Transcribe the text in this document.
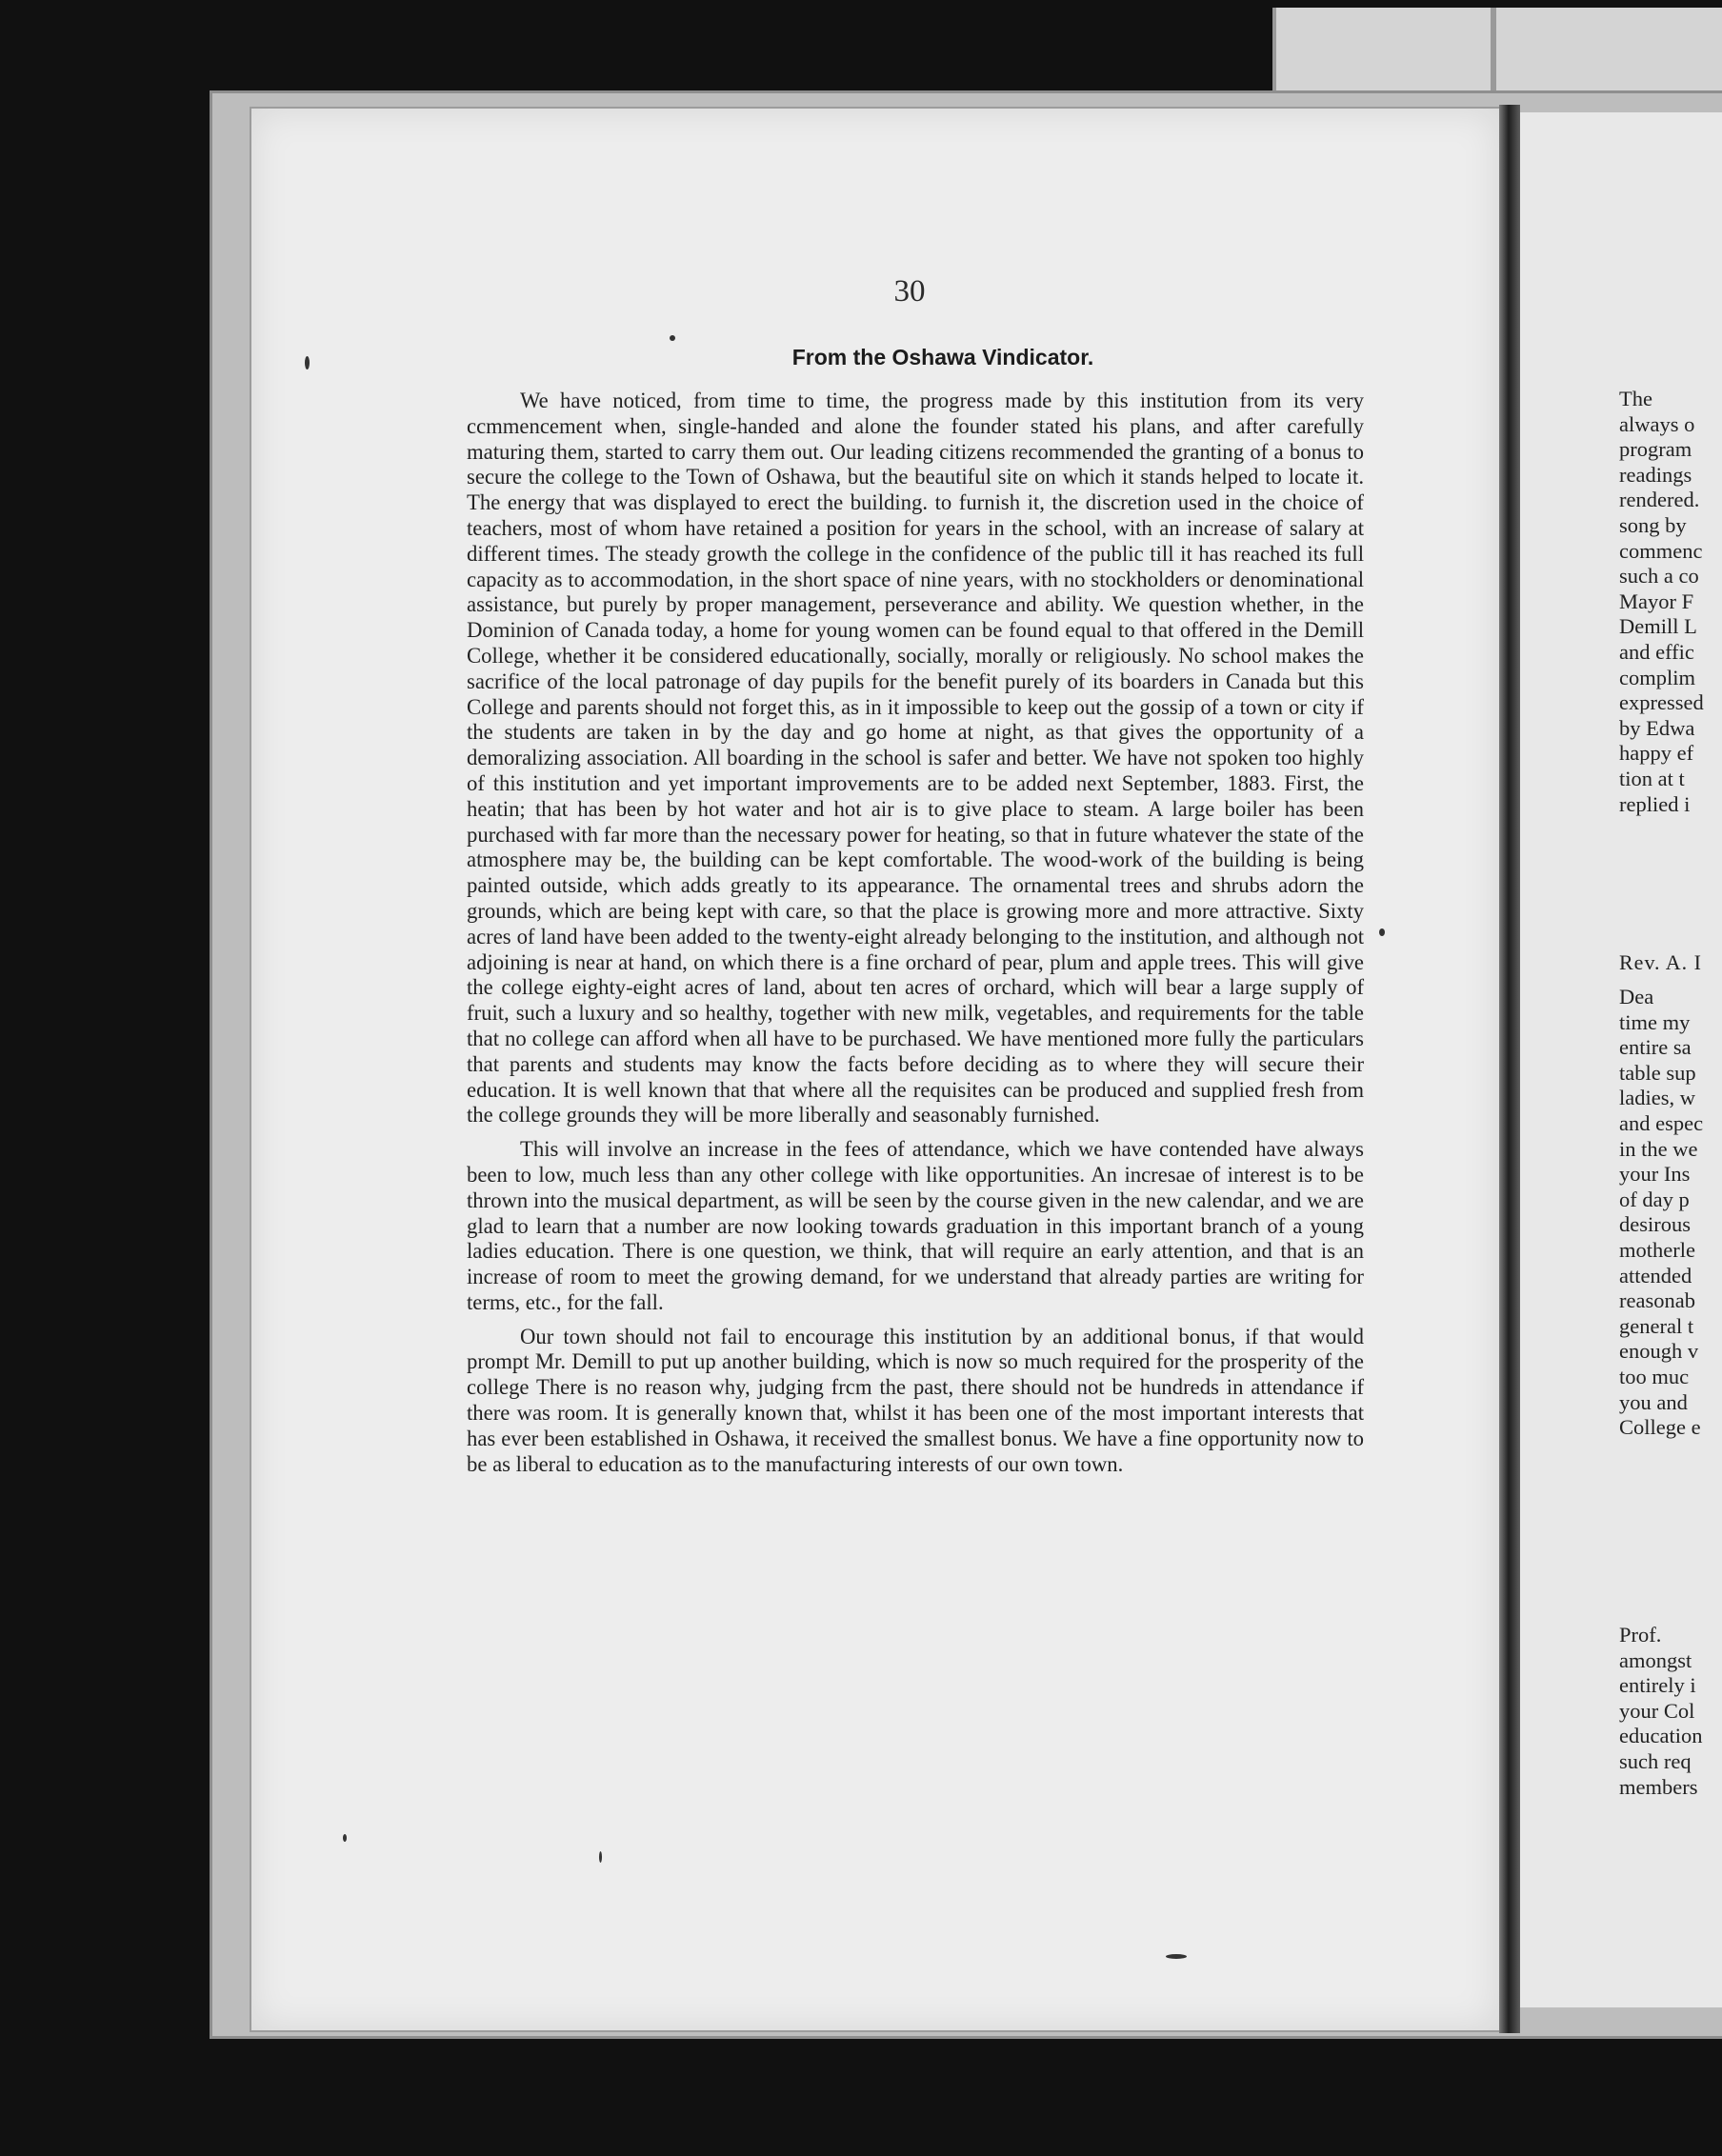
30
From the Oshawa Vindicator.

We have noticed, from time to time, the progress made by this institution from its very ccmmencement when, single-handed and alone the founder stated his plans, and after carefully maturing them, started to carry them out. Our leading citizens recommended the granting of a bonus to secure the college to the Town of Oshawa, but the beautiful site on which it stands helped to locate it. The energy that was displayed to erect the building. to furnish it, the discretion used in the choice of teachers, most of whom have retained a position for years in the school, with an increase of salary at different times. The steady growth the college in the confidence of the public till it has reached its full capacity as to accommodation, in the short space of nine years, with no stockholders or denominational assistance, but purely by proper management, perseverance and ability. We question whether, in the Dominion of Canada today, a home for young women can be found equal to that offered in the Demill College, whether it be considered educationally, socially, morally or religiously. No school makes the sacrifice of the local patronage of day pupils for the benefit purely of its boarders in Canada but this College and parents should not forget this, as in it impossible to keep out the gossip of a town or city if the students are taken in by the day and go home at night, as that gives the opportunity of a demoralizing association. All boarding in the school is safer and better. We have not spoken too highly of this institution and yet important improvements are to be added next September, 1883. First, the heatin; that has been by hot water and hot air is to give place to steam. A large boiler has been purchased with far more than the necessary power for heating, so that in future whatever the state of the atmosphere may be, the building can be kept comfortable. The wood-work of the building is being painted outside, which adds greatly to its appearance. The ornamental trees and shrubs adorn the grounds, which are being kept with care, so that the place is growing more and more attractive. Sixty acres of land have been added to the twenty-eight already belonging to the institution, and although not adjoining is near at hand, on which there is a fine orchard of pear, plum and apple trees. This will give the college eighty-eight acres of land, about ten acres of orchard, which will bear a large supply of fruit, such a luxury and so healthy, together with new milk, vegetables, and requirements for the table that no college can afford when all have to be purchased. We have mentioned more fully the particulars that parents and students may know the facts before deciding as to where they will secure their education. It is well known that that where all the requisites can be produced and supplied fresh from the college grounds they will be more liberally and seasonably furnished.

This will involve an increase in the fees of attendance, which we have contended have always been to low, much less than any other college with like opportunities. An incresae of interest is to be thrown into the musical department, as will be seen by the course given in the new calendar, and we are glad to learn that a number are now looking towards graduation in this important branch of a young ladies education. There is one question, we think, that will require an early attention, and that is an increase of room to meet the growing demand, for we understand that already parties are writing for terms, etc., for the fall.

Our town should not fail to encourage this institution by an additional bonus, if that would prompt Mr. Demill to put up another building, which is now so much required for the prosperity of the college There is no reason why, judging frcm the past, there should not be hundreds in attendance if there was room. It is generally known that, whilst it has been one of the most important interests that has ever been established in Oshawa, it received the smallest bonus. We have a fine opportunity now to be as liberal to education as to the manufacturing interests of our own town.

The
always o
program
readings
rendered.
song by
commenc
such a co
Mayor F
Demill L
and effic
complim
expressed
by Edwa
happy ef
tion at t
replied i
Rev. A. I
Dea
time my
entire sa
table sup
ladies, w
and espec
in the we
your Ins
of day p
desirous
motherle
attended
reasonab
general t
enough v
too muc
you and
College e
Prof.
amongst
entirely i
your Col
education
such req
members
